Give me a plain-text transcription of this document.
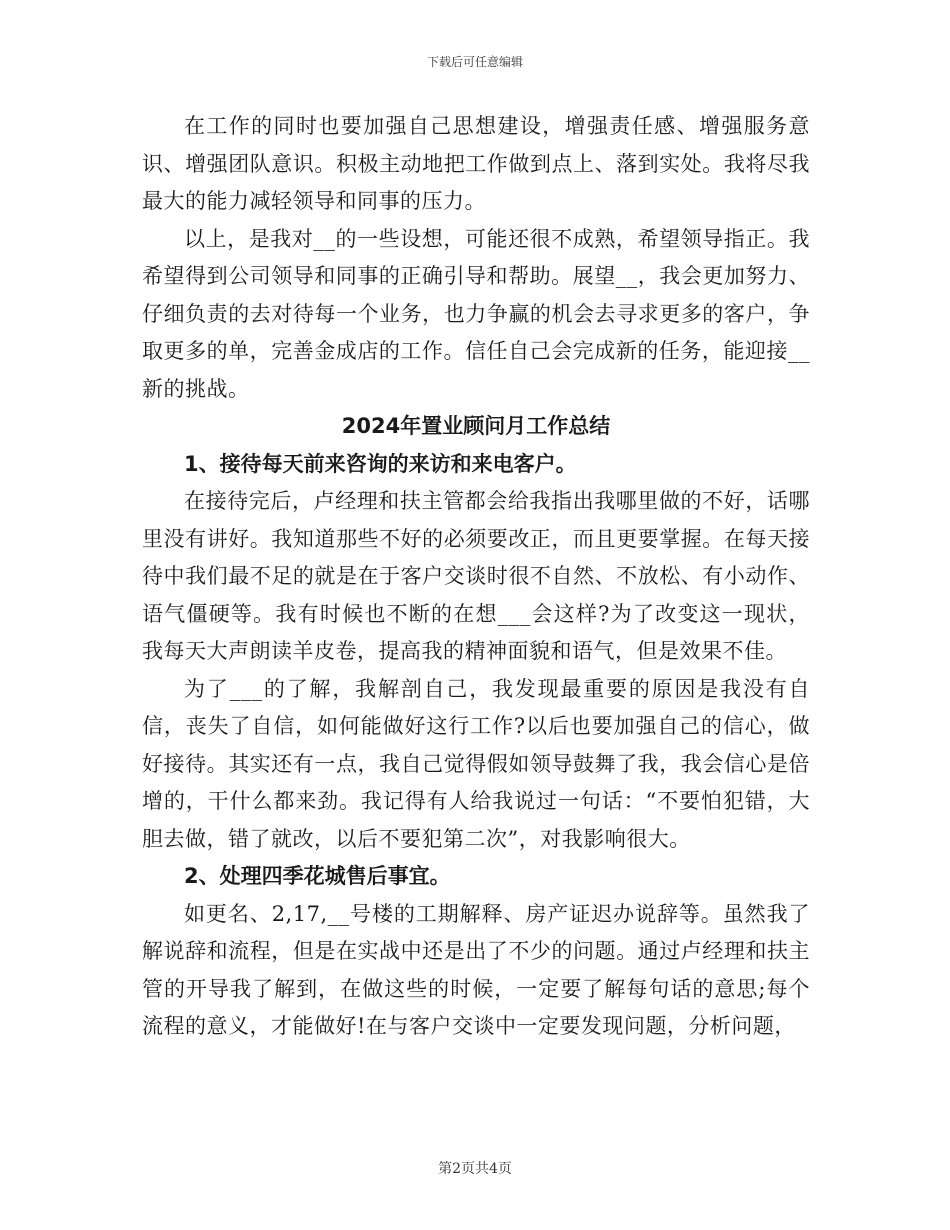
下载后可任意编辑

在工作的同时也要加强自己思想建设，增强责任感、增强服务意识、增强团队意识。积极主动地把工作做到点上、落到实处。我将尽我最大的能力减轻领导和同事的压力。

以上，是我对__的一些设想，可能还很不成熟，希望领导指正。我希望得到公司领导和同事的正确引导和帮助。展望__，我会更加努力、仔细负责的去对待每一个业务，也力争赢的机会去寻求更多的客户，争取更多的单，完善金成店的工作。信任自己会完成新的任务，能迎接__新的挑战。

2024年置业顾问月工作总结

1、接待每天前来咨询的来访和来电客户。

在接待完后，卢经理和扶主管都会给我指出我哪里做的不好，话哪里没有讲好。我知道那些不好的必须要改正，而且更要掌握。在每天接待中我们最不足的就是在于客户交谈时很不自然、不放松、有小动作、语气僵硬等。我有时候也不断的在想___会这样?为了改变这一现状，我每天大声朗读羊皮卷，提高我的精神面貌和语气，但是效果不佳。

为了___的了解，我解剖自己，我发现最重要的原因是我没有自信，丧失了自信，如何能做好这行工作?以后也要加强自己的信心，做好接待。其实还有一点，我自己觉得假如领导鼓舞了我，我会信心是倍增的，干什么都来劲。我记得有人给我说过一句话：“不要怕犯错，大胆去做，错了就改，以后不要犯第二次”，对我影响很大。

2、处理四季花城售后事宜。

如更名、2,17,__号楼的工期解释、房产证迟办说辞等。虽然我了解说辞和流程，但是在实战中还是出了不少的问题。通过卢经理和扶主管的开导我了解到，在做这些的时候，一定要了解每句话的意思;每个流程的意义，才能做好!在与客户交谈中一定要发现问题，分析问题，

第2页共4页
